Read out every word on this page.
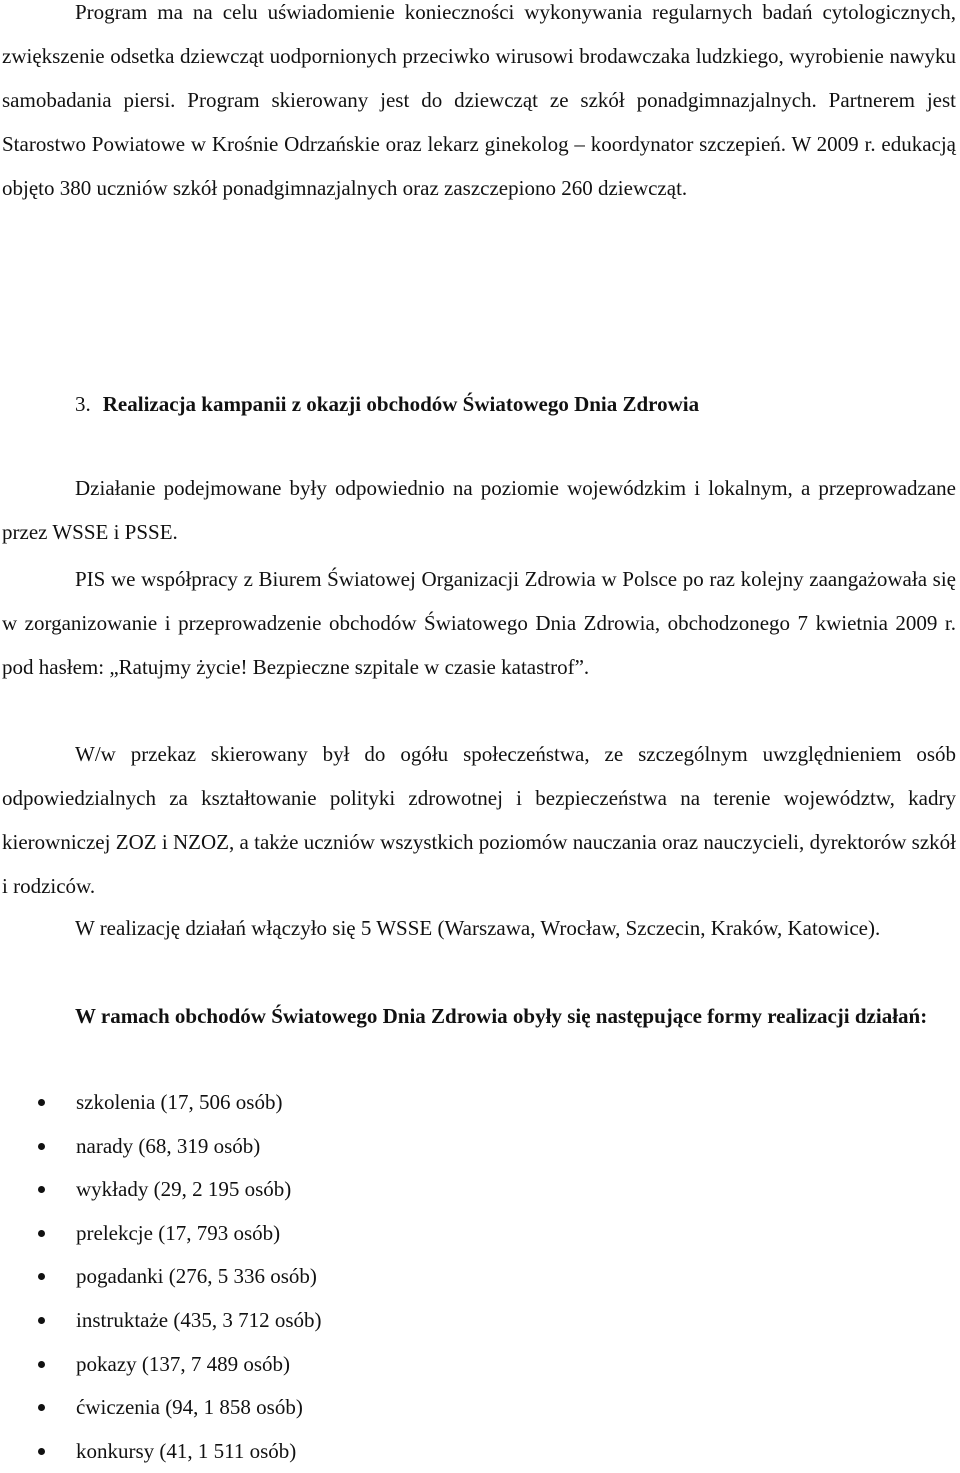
Program ma na celu uświadomienie konieczności wykonywania regularnych badań cytologicznych, zwiększenie odsetka dziewcząt uodpornionych przeciwko wirusowi brodawczaka ludzkiego, wyrobienie nawyku samobadania piersi. Program skierowany jest do dziewcząt ze szkół ponadgimnazjalnych. Partnerem jest Starostwo Powiatowe w Krośnie Odrzańskie oraz lekarz ginekolog – koordynator szczepień. W 2009 r. edukacją objęto 380 uczniów szkół ponadgimnazjalnych oraz zaszczepiono 260 dziewcząt.

3. Realizacja kampanii z okazji obchodów Światowego Dnia Zdrowia

Działanie podejmowane były odpowiednio na poziomie wojewódzkim i lokalnym, a przeprowadzane przez WSSE i PSSE.

PIS we współpracy z Biurem Światowej Organizacji Zdrowia w Polsce po raz kolejny zaangażowała się w zorganizowanie i przeprowadzenie obchodów Światowego Dnia Zdrowia, obchodzonego 7 kwietnia 2009 r. pod hasłem: „Ratujmy życie! Bezpieczne szpitale w czasie katastrof”.

W/w przekaz skierowany był do ogółu społeczeństwa, ze szczególnym uwzględnieniem osób odpowiedzialnych za kształtowanie polityki zdrowotnej i bezpieczeństwa na terenie województw, kadry kierowniczej ZOZ i NZOZ, a także uczniów wszystkich poziomów nauczania oraz nauczycieli, dyrektorów szkół i rodziców.

W realizację działań włączyło się 5 WSSE (Warszawa, Wrocław, Szczecin, Kraków, Katowice).

W ramach obchodów Światowego Dnia Zdrowia obyły się następujące formy realizacji działań:

szkolenia (17, 506 osób)
narady (68, 319 osób)
wykłady (29, 2 195 osób)
prelekcje (17, 793 osób)
pogadanki (276, 5 336 osób)
instruktaże (435, 3 712 osób)
pokazy (137, 7 489 osób)
ćwiczenia (94, 1 858 osób)
konkursy (41, 1 511 osób)
